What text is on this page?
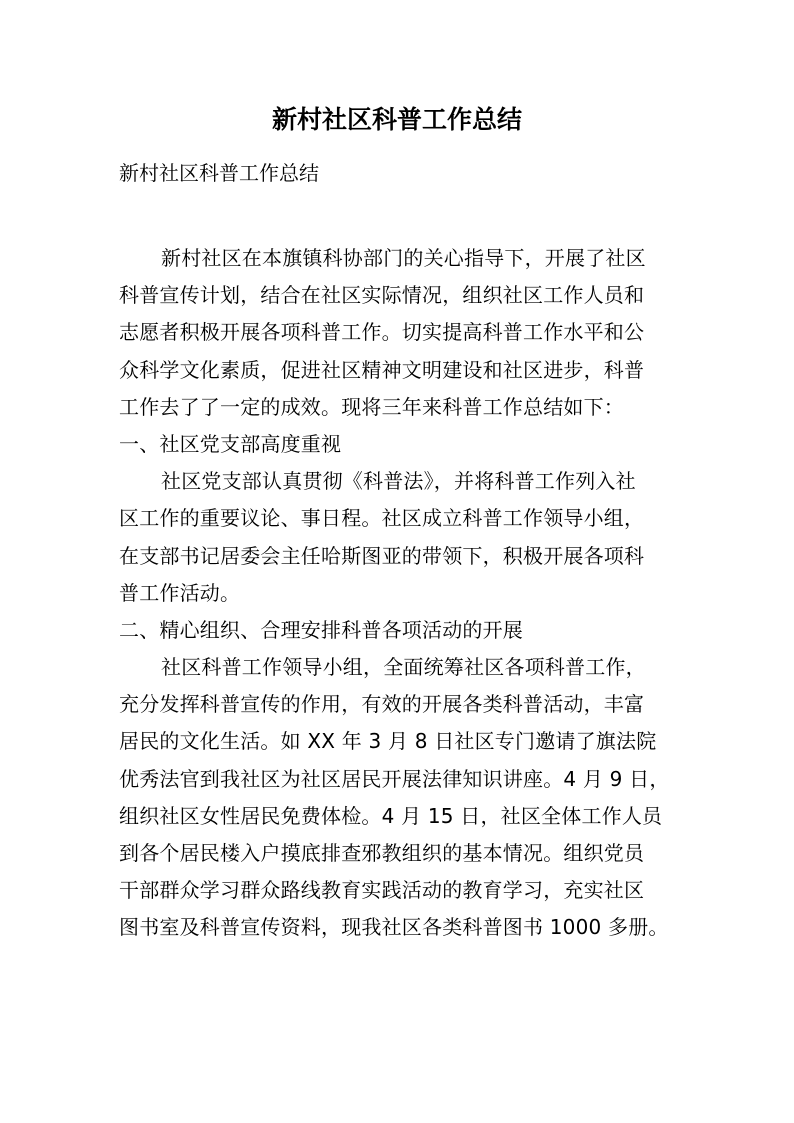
新村社区科普工作总结
新村社区科普工作总结
新村社区在本旗镇科协部门的关心指导下，开展了社区
科普宣传计划，结合在社区实际情况，组织社区工作人员和
志愿者积极开展各项科普工作。切实提高科普工作水平和公
众科学文化素质，促进社区精神文明建设和社区进步，科普
工作去了了一定的成效。现将三年来科普工作总结如下：
一、社区党支部高度重视
社区党支部认真贯彻《科普法》，并将科普工作列入社
区工作的重要议论、事日程。社区成立科普工作领导小组，
在支部书记居委会主任哈斯图亚的带领下，积极开展各项科
普工作活动。
二、精心组织、合理安排科普各项活动的开展
社区科普工作领导小组，全面统筹社区各项科普工作，
充分发挥科普宣传的作用，有效的开展各类科普活动，丰富
居民的文化生活。如 XX 年 3 月 8 日社区专门邀请了旗法院
优秀法官到我社区为社区居民开展法律知识讲座。4 月 9 日，
组织社区女性居民免费体检。4 月 15 日，社区全体工作人员
到各个居民楼入户摸底排查邪教组织的基本情况。组织党员
干部群众学习群众路线教育实践活动的教育学习，充实社区
图书室及科普宣传资料，现我社区各类科普图书 1000 多册。
